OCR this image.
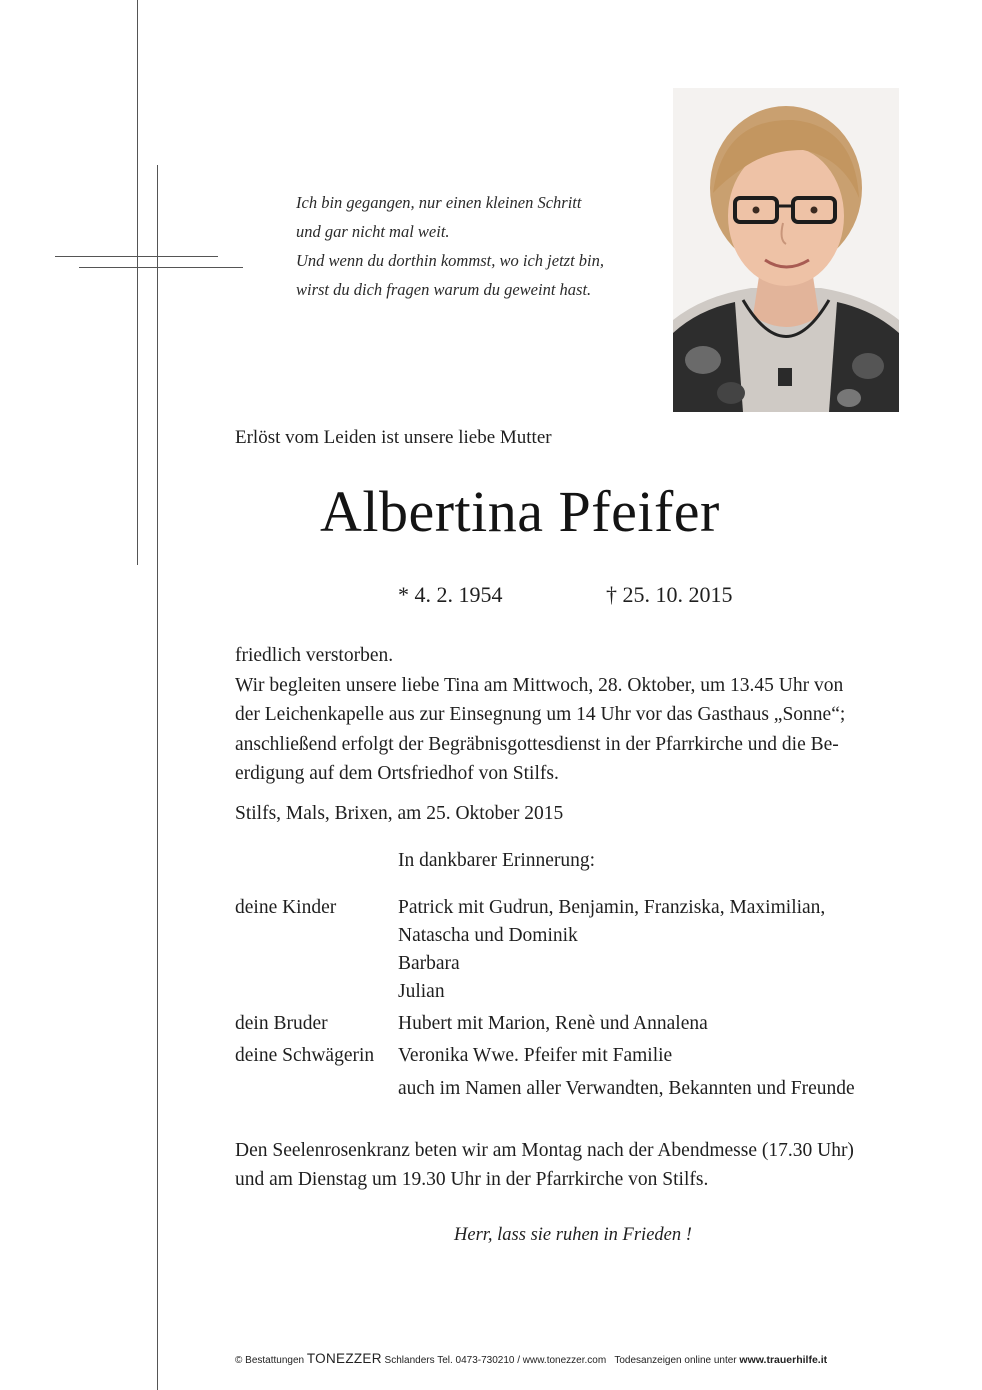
Ich bin gegangen, nur einen kleinen Schritt
und gar nicht mal weit.
Und wenn du dorthin kommst, wo ich jetzt bin,
wirst du dich fragen warum du geweint hast.
Erlöst vom Leiden ist unsere liebe Mutter
Albertina Pfeifer
* 4. 2. 1954	† 25. 10. 2015
friedlich verstorben.
Wir begleiten unsere liebe Tina am Mittwoch, 28. Oktober, um 13.45 Uhr von
der Leichenkapelle aus zur Einsegnung um 14 Uhr vor das Gasthaus „Sonne“;
anschließend erfolgt der Begräbnisgottesdienst in der Pfarrkirche und die Be-
erdigung auf dem Ortsfriedhof von Stilfs.
Stilfs, Mals, Brixen, am 25. Oktober 2015
In dankbarer Erinnerung:
deine Kinder	Patrick mit Gudrun, Benjamin, Franziska, Maximilian,
Natascha und Dominik
Barbara
Julian
dein Bruder	Hubert mit Marion, Renè und Annalena
deine Schwägerin Veronika Wwe. Pfeifer mit Familie
auch im Namen aller Verwandten, Bekannten und Freunde
Den Seelenrosenkranz beten wir am Montag nach der Abendmesse (17.30 Uhr)
und am Dienstag um 19.30 Uhr in der Pfarrkirche von Stilfs.
Herr, lass sie ruhen in Frieden !
© Bestattungen TONEZZER Schlanders Tel. 0473-730210 / www.tonezzer.com   Todesanzeigen online unter www.trauerhilfe.it
